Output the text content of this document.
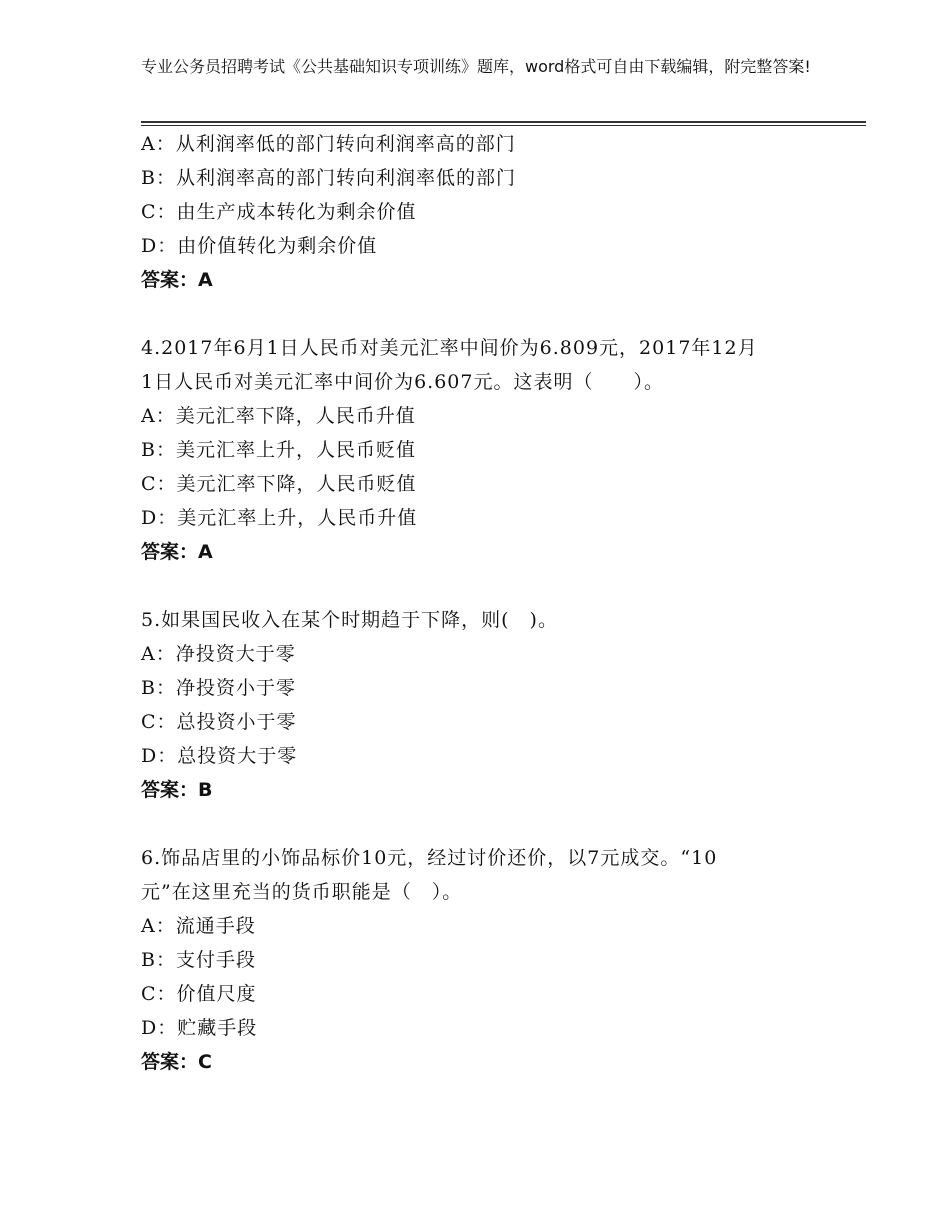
专业公务员招聘考试《公共基础知识专项训练》题库，word格式可自由下载编辑，附完整答案!
A：从利润率低的部门转向利润率高的部门
B：从利润率高的部门转向利润率低的部门
C：由生产成本转化为剩余价值
D：由价值转化为剩余价值
答案：A
4.2017年6月1日人民币对美元汇率中间价为6.809元，2017年12月
1日人民币对美元汇率中间价为6.607元。这表明（　　）。
A：美元汇率下降，人民币升值
B：美元汇率上升，人民币贬值
C：美元汇率下降，人民币贬值
D：美元汇率上升，人民币升值
答案：A
5.如果国民收入在某个时期趋于下降，则(　)。
A：净投资大于零
B：净投资小于零
C：总投资小于零
D：总投资大于零
答案：B
6.饰品店里的小饰品标价10元，经过讨价还价，以7元成交。“10
元”在这里充当的货币职能是（　）。
A：流通手段
B：支付手段
C：价值尺度
D：贮藏手段
答案：C
